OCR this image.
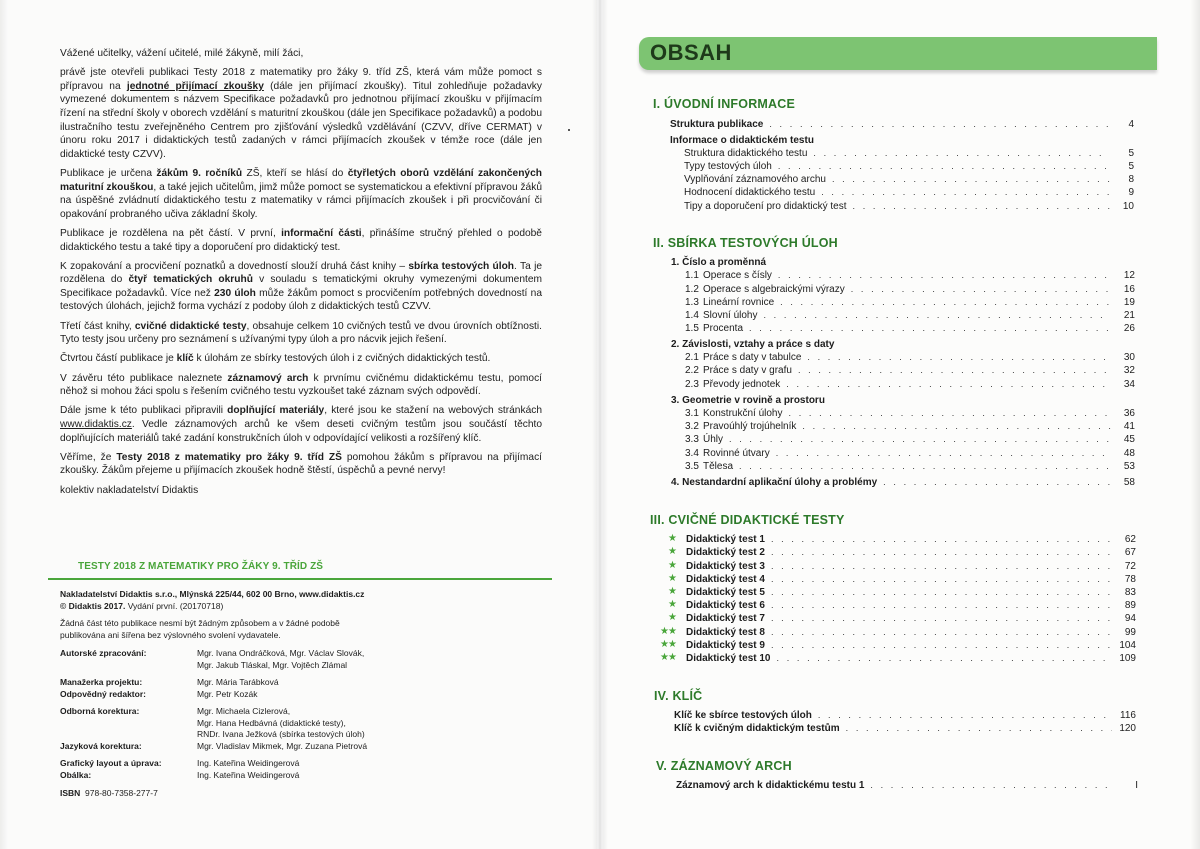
Vážené učitelky, vážení učitelé, milé žákyně, milí žáci,

právě jste otevřeli publikaci Testy 2018 z matematiky pro žáky 9. tříd ZŠ, která vám může pomoct s přípravou na jednotné přijímací zkoušky (dále jen přijímací zkoušky). Titul zohledňuje požadavky vymezené dokumentem s názvem Specifikace požadavků pro jednotnou přijímací zkoušku v přijímacím řízení na střední školy v oborech vzdělání s maturitní zkouškou (dále jen Specifikace požadavků) a podobu ilustračního testu zveřejněného Centrem pro zjišťování výsledků vzdělávání (CZVV, dříve CERMAT) v únoru roku 2017 i didaktických testů zadaných v rámci přijímacích zkoušek v témže roce (dále jen didaktické testy CZVV).

Publikace je určena žákům 9. ročníků ZŠ, kteří se hlásí do čtyřletých oborů vzdělání zakončených maturitní zkouškou, a také jejich učitelům, jimž může pomoct se systematickou a efektivní přípravou žáků na úspěšné zvládnutí didaktického testu z matematiky v rámci přijímacích zkoušek i při procvičování či opakování probraného učiva základní školy.

Publikace je rozdělena na pět částí. V první, informační části, přinášíme stručný přehled o podobě didaktického testu a také tipy a doporučení pro didaktický test.

K zopakování a procvičení poznatků a dovedností slouží druhá část knihy – sbírka testových úloh. Ta je rozdělena do čtyř tematických okruhů v souladu s tematickými okruhy vymezenými dokumentem Specifikace požadavků. Více než 230 úloh může žákům pomoct s procvičením potřebných dovedností na testových úlohách, jejichž forma vychází z podoby úloh z didaktických testů CZVV.

Třetí část knihy, cvičné didaktické testy, obsahuje celkem 10 cvičných testů ve dvou úrovních obtížnosti. Tyto testy jsou určeny pro seznámení s užívanými typy úloh a pro nácvik jejich řešení.

Čtvrtou částí publikace je klíč k úlohám ze sbírky testových úloh i z cvičných didaktických testů.

V závěru této publikace naleznete záznamový arch k prvnímu cvičnému didaktickému testu, pomocí něhož si mohou žáci spolu s řešením cvičného testu vyzkoušet také záznam svých odpovědí.

Dále jsme k této publikaci připravili doplňující materiály, které jsou ke stažení na webových stránkách www.didaktis.cz. Vedle záznamových archů ke všem deseti cvičným testům jsou součástí těchto doplňujících materiálů také zadání konstrukčních úloh v odpovídající velikosti a rozšířený klíč.

Věříme, že Testy 2018 z matematiky pro žáky 9. tříd ZŠ pomohou žákům s přípravou na přijímací zkoušky. Žákům přejeme u přijímacích zkoušek hodně štěstí, úspěchů a pevné nervy!

kolektiv nakladatelství Didaktis

TESTY 2018 Z MATEMATIKY PRO ŽÁKY 9. TŘÍD ZŠ
Nakladatelství Didaktis s.r.o., Mlýnská 225/44, 602 00 Brno, www.didaktis.cz
© Didaktis 2017. Vydání první. (20170718)
Žádná část této publikace nesmí být žádným způsobem a v žádné podobě
publikována ani šířena bez výslovného svolení vydavatele.
Autorské zpracování:	Mgr. Ivana Ondráčková, Mgr. Václav Slovák,
Mgr. Jakub Tláskal, Mgr. Vojtěch Zlámal
Manažerka projektu:	Mgr. Mária Tarábková
Odpovědný redaktor:	Mgr. Petr Kozák
Odborná korektura:	Mgr. Michaela Cizlerová,
Mgr. Hana Hedbávná (didaktické testy),
RNDr. Ivana Ježková (sbírka testových úloh)
Jazyková korektura:	Mgr. Vladislav Mikmek, Mgr. Zuzana Pietrová
Grafický layout a úprava:	Ing. Kateřina Weidingerová
Obálka:	Ing. Kateřina Weidingerová
ISBN 978-80-7358-277-7
OBSAH
I. ÚVODNÍ INFORMACE
Struktura publikace . . .	4
Informace o didaktickém testu
Struktura didaktického testu . . .	5
Typy testových úloh . . .	5
Vyplňování záznamového archu . . .	8
Hodnocení didaktického testu . . .	9
Tipy a doporučení pro didaktický test . . .	10
II. SBÍRKA TESTOVÝCH ÚLOH
1. Číslo a proměnná
1.1 Operace s čísly . . .	12
1.2 Operace s algebraickými výrazy . . .	16
1.3 Lineární rovnice . . .	19
1.4 Slovní úlohy . . .	21
1.5 Procenta . . .	26
2. Závislosti, vztahy a práce s daty
2.1 Práce s daty v tabulce . . .	30
2.2 Práce s daty v grafu . . .	32
2.3 Převody jednotek . . .	34
3. Geometrie v rovině a prostoru
3.1 Konstrukční úlohy . . .	36
3.2 Pravoúhlý trojúhelník . . .	41
3.3 Úhly . . .	45
3.4 Rovinné útvary . . .	48
3.5 Tělesa . . .	53
4. Nestandardní aplikační úlohy a problémy . . .	58
III. CVIČNÉ DIDAKTICKÉ TESTY
★ Didaktický test 1 . . .	62
★ Didaktický test 2 . . .	67
★ Didaktický test 3 . . .	72
★ Didaktický test 4 . . .	78
★ Didaktický test 5 . . .	83
★ Didaktický test 6 . . .	89
★ Didaktický test 7 . . .	94
★★ Didaktický test 8 . . .	99
★★ Didaktický test 9 . . .	104
★★ Didaktický test 10 . . .	109
IV. KLÍČ
Klíč ke sbírce testových úloh . . .	116
Klíč k cvičným didaktickým testům . . .	120
V. ZÁZNAMOVÝ ARCH
Záznamový arch k didaktickému testu 1 . . .	I
